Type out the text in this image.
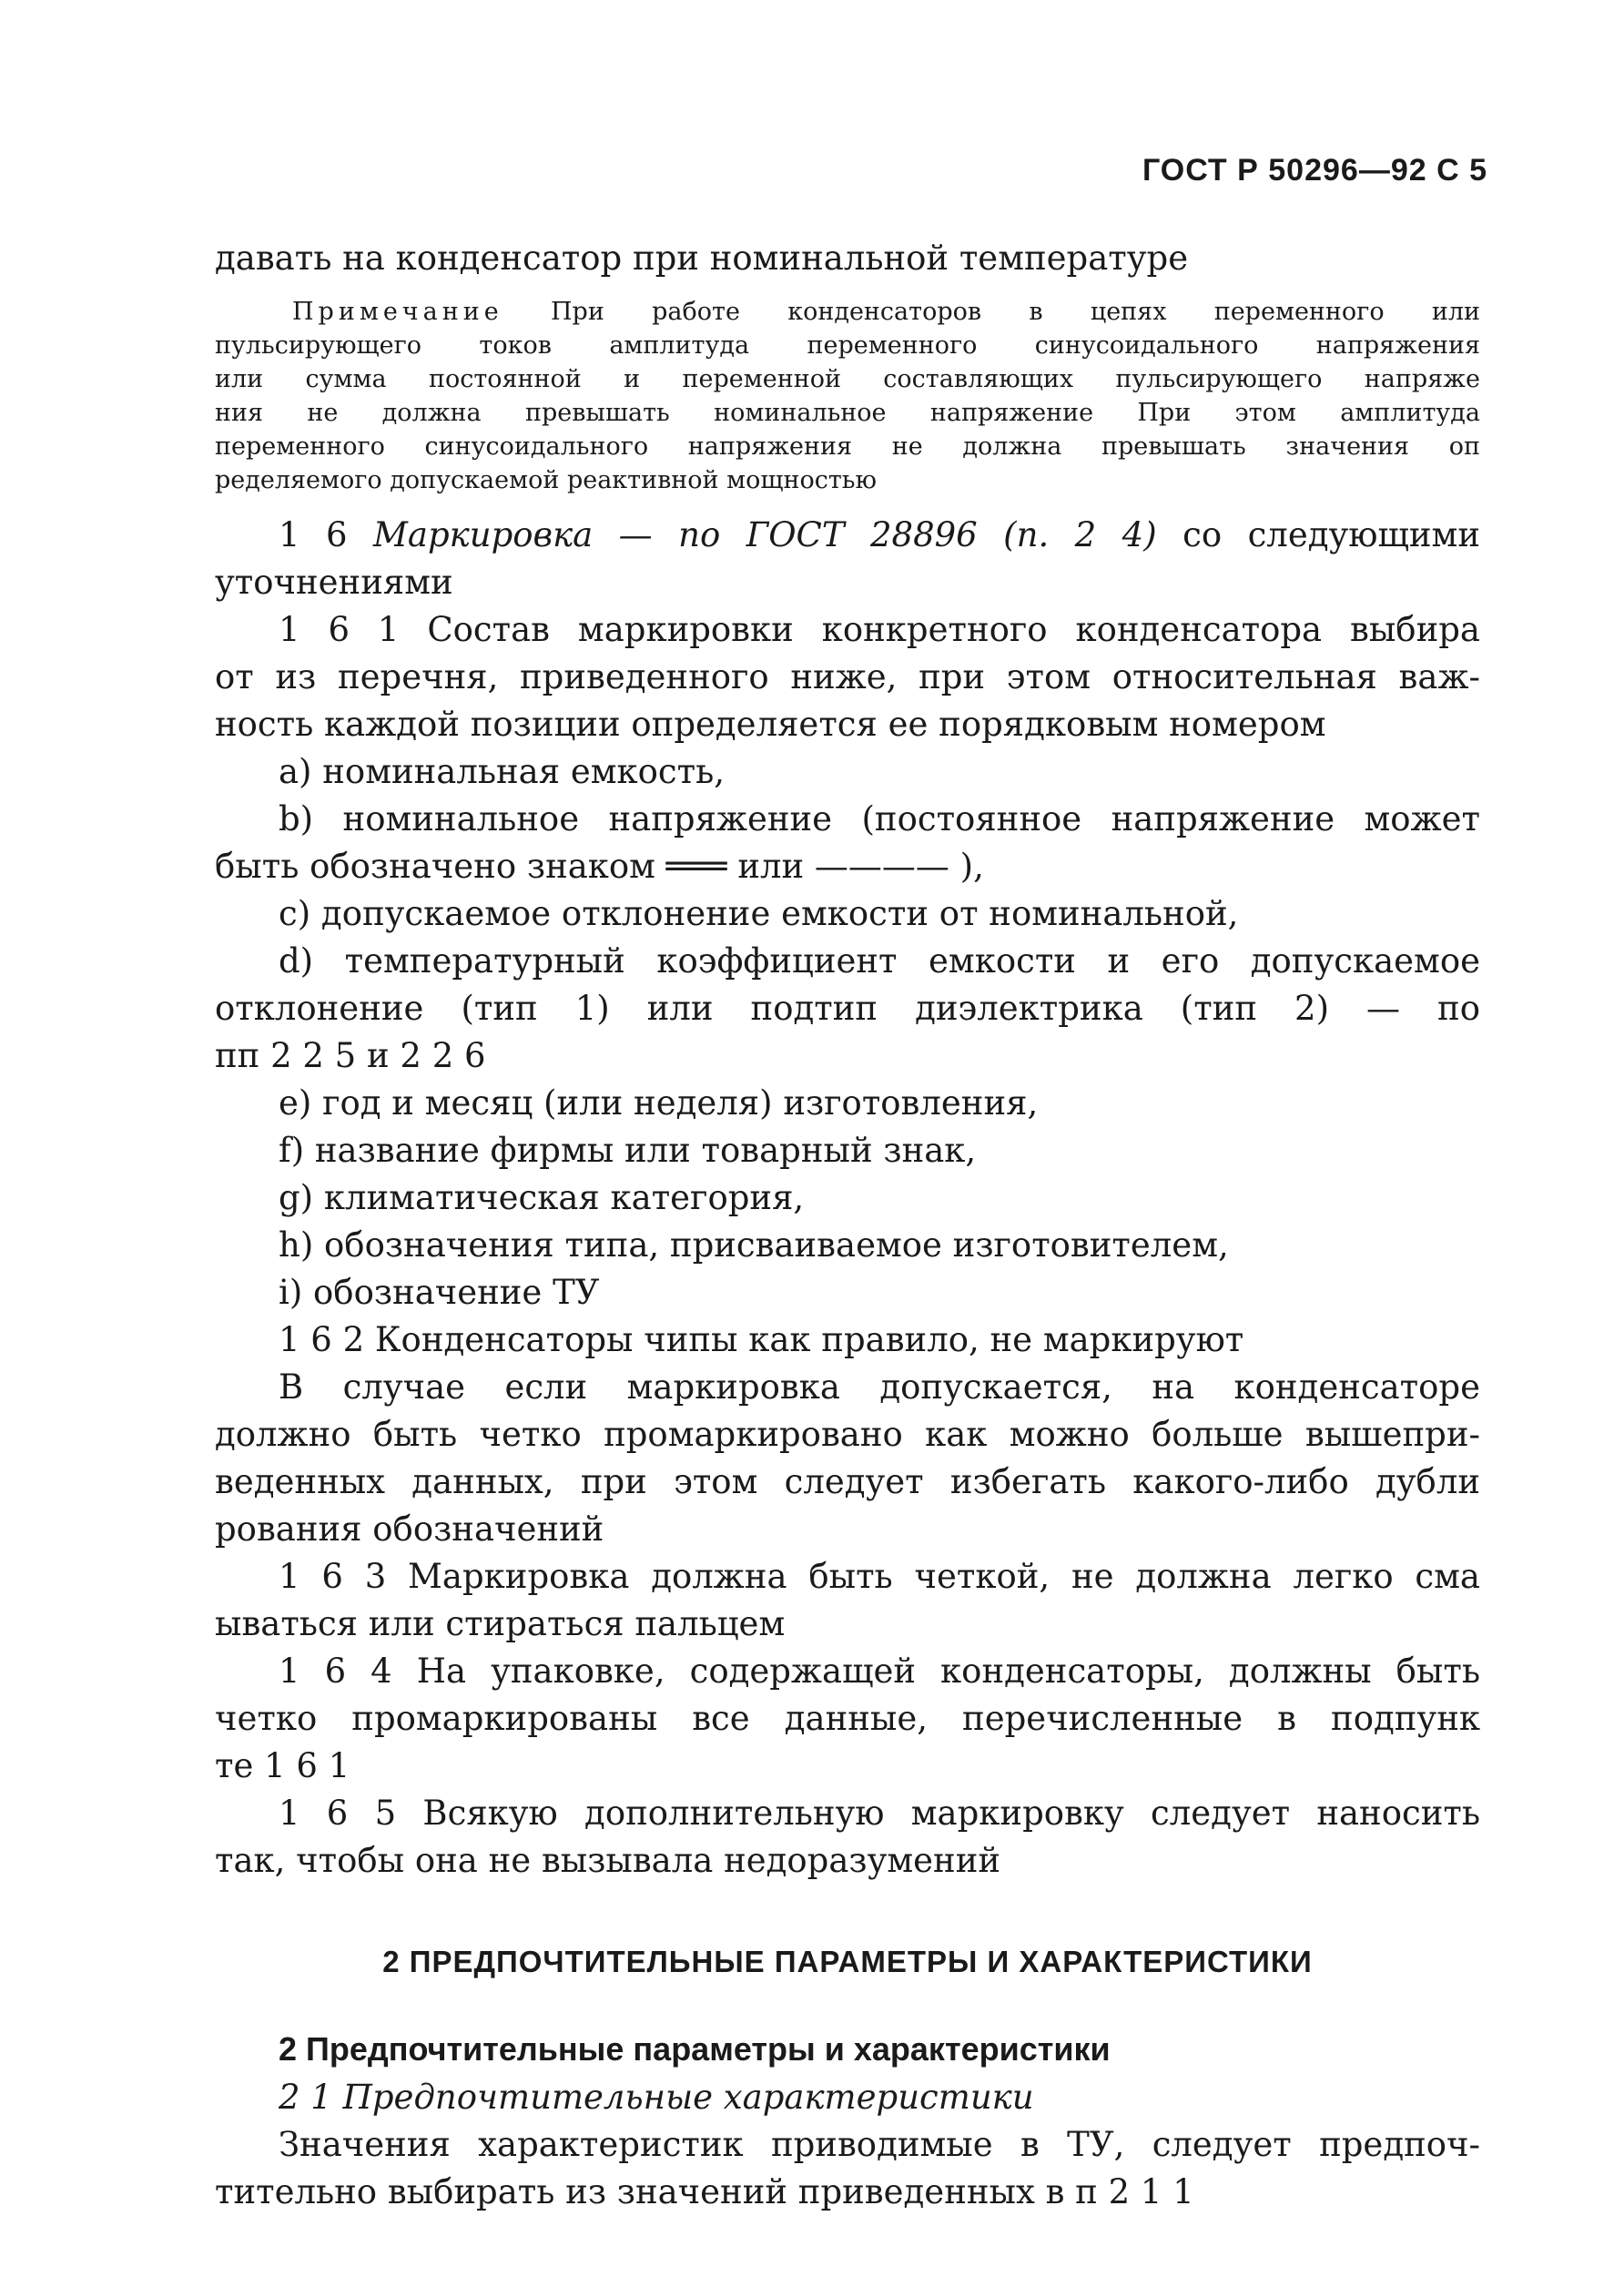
ГОСТ Р 50296—92 С 5
давать на конденсатор при номинальной температуре
Примечание При работе конденсаторов в цепях переменного или
пульсирующего токов амплитуда переменного синусоидального напряжения
или сумма постоянной и переменной составляющих пульсирующего напряже
ния не должна превышать номинальное напряжение При этом амплитуда
переменного синусоидального напряжения не должна превышать значения оп
ределяемого допускаемой реактивной мощностью
1 6 Маркировка — по ГОСТ 28896 (п. 2 4) со следующими
уточнениями
1 6 1 Состав маркировки конкретного конденсатора выбира
от из перечня, приведенного ниже, при этом относительная важ-
ность каждой позиции определяется ее порядковым номером
а) номинальная емкость,
b) номинальное напряжение (постоянное напряжение может
быть обозначено знаком ═══ или ———— ),
с) допускаемое отклонение емкости от номинальной,
d) температурный коэффициент емкости и его допускаемое
отклонение (тип 1) или подтип диэлектрика (тип 2) — по
пп 2 2 5 и 2 2 6
е) год и месяц (или неделя) изготовления,
f) название фирмы или товарный знак,
g) климатическая категория,
h) обозначения типа, присваиваемое изготовителем,
i) обозначение ТУ
1 6 2 Конденсаторы чипы как правило, не маркируют
В случае если маркировка допускается, на конденсаторе
должно быть четко промаркировано как можно больше вышепри-
веденных данных, при этом следует избегать какого-либо дубли
рования обозначений
1 6 3 Маркировка должна быть четкой, не должна легко сма
ываться или стираться пальцем
1 6 4 На упаковке, содержащей конденсаторы, должны быть
четко промаркированы все данные, перечисленные в подпунк
те 1 6 1
1 6 5 Всякую дополнительную маркировку следует наносить
так, чтобы она не вызывала недоразумений
2 ПРЕДПОЧТИТЕЛЬНЫЕ ПАРАМЕТРЫ И ХАРАКТЕРИСТИКИ
2 Предпочтительные параметры и характеристики
2 1 Предпочтительные характеристики
Значения характеристик приводимые в ТУ, следует предпоч-
тительно выбирать из значений приведенных в п 2 1 1
